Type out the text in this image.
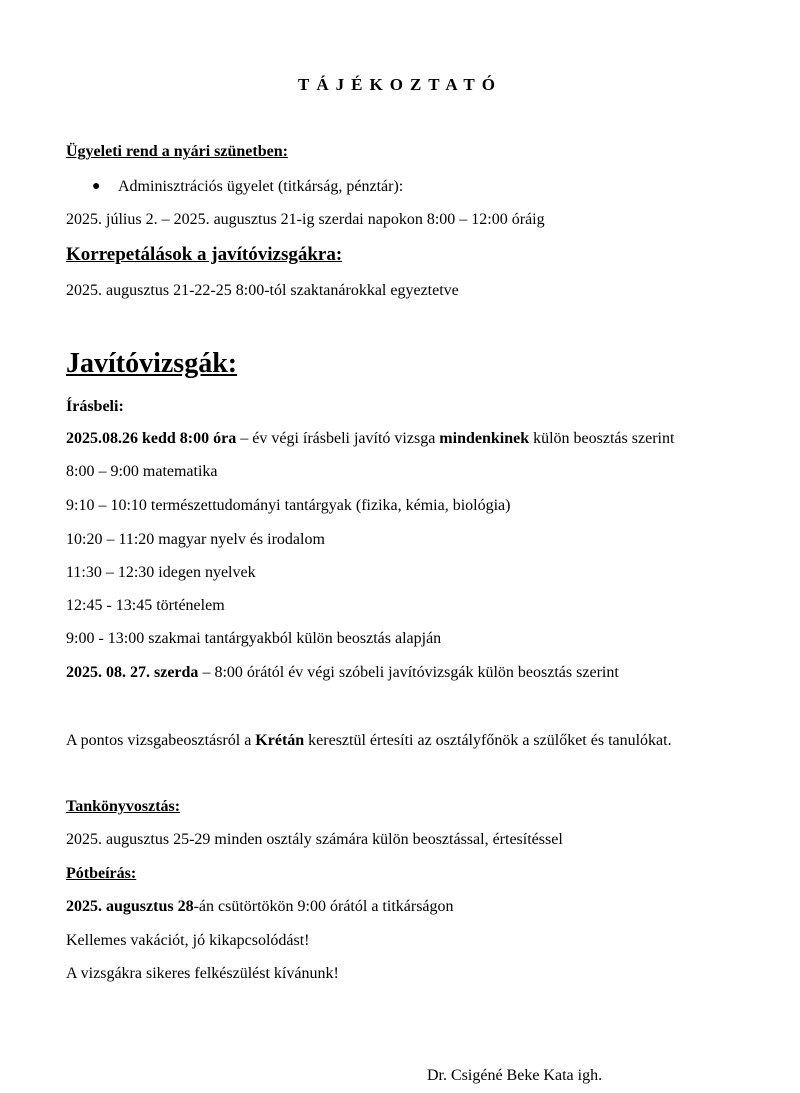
TÁJÉKOZTATÓ
Ügyeleti rend a nyári szünetben:
● Adminisztrációs ügyelet (titkárság, pénztár):
2025. július 2. – 2025. augusztus 21-ig szerdai napokon 8:00 – 12:00 óráig
Korrepetálások a javítóvizsgákra:
2025. augusztus 21-22-25 8:00-tól szaktanárokkal egyeztetve
Javítóvizsgák:
Írásbeli:
2025.08.26 kedd 8:00 óra – év végi írásbeli javító vizsga mindenkinek külön beosztás szerint
8:00 – 9:00 matematika
9:10 – 10:10 természettudományi tantárgyak (fizika, kémia, biológia)
10:20 – 11:20 magyar nyelv és irodalom
11:30 – 12:30 idegen nyelvek
12:45 - 13:45 történelem
9:00 - 13:00 szakmai tantárgyakból külön beosztás alapján
2025. 08. 27. szerda – 8:00 órától év végi szóbeli javítóvizsgák külön beosztás szerint
A pontos vizsgabeosztásról a Krétán keresztül értesíti az osztályfőnök a szülőket és tanulókat.
Tankönyvosztás:
2025. augusztus 25-29 minden osztály számára külön beosztással, értesítéssel
Pótbeírás:
2025. augusztus 28-án csütörtökön 9:00 órától a titkárságon
Kellemes vakációt, jó kikapcsolódást!
A vizsgákra sikeres felkészülést kívánunk!
Dr. Csigéné Beke Kata igh.
